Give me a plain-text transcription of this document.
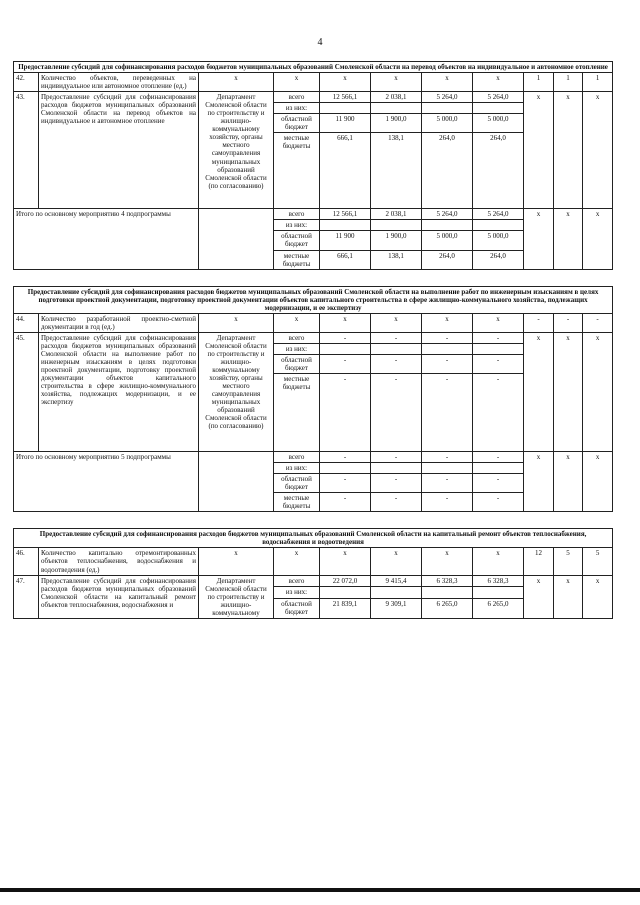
4
Предоставление субсидий для софинансирования расходов бюджетов муниципальных образований Смоленской области на перевод объектов на индивидуальное и автономное отопление										
42.	Количество объектов, переведенных на индивидуальное или автономное отопление (ед.)	х	х	х	х	х	х	1	1	1
43.	Предоставление субсидий для софинансирования расходов бюджетов муниципальных образований Смоленской области на перевод объектов на индивидуальное и автономное отопление	Департамент Смоленской области по строительству и жилищно-коммунальному хозяйству, органы местного самоуправления муниципальных образований Смоленской области (по согласованию)	всего	12 566,1	2 038,1	5 264,0	5 264,0	х	х	х
			из них:							
			областной бюджет	11 900	1 900,0	5 000,0	5 000,0			
			местные бюджеты	666,1	138,1	264,0	264,0			
Итого по основному мероприятию 4 подпрограммы			всего	12 566,1	2 038,1	5 264,0	5 264,0	х	х	х
			из них:							
			областной бюджет	11 900	1 900,0	5 000,0	5 000,0			
			местные бюджеты	666,1	138,1	264,0	264,0			

Предоставление субсидий для софинансирования расходов бюджетов муниципальных образований Смоленской области на выполнение работ по инженерным изысканиям в целях подготовки проектной документации, подготовку проектной документации объектов капитального строительства в сфере жилищно-коммунального хозяйства, подлежащих модернизации, и ее экспертизу										
44.	Количество разработанной проектно-сметной документации в год (ед.)	х	х	х	х	х	х	-	-	-
45.	Предоставление субсидий для софинансирования расходов бюджетов муниципальных образований Смоленской области на выполнение работ по инженерным изысканиям в целях подготовки проектной документации, подготовку проектной документации объектов капитального строительства в сфере жилищно-коммунального хозяйства, подлежащих модернизации, и ее экспертизу	Департамент Смоленской области по строительству и жилищно-коммунальному хозяйству, органы местного самоуправления муниципальных образований Смоленской области (по согласованию)	всего	-	-	-	-	х	х	х
			из них:							
			областной бюджет	-	-	-	-			
			местные бюджеты	-	-	-	-			
Итого по основному мероприятию 5 подпрограммы			всего	-	-	-	-	х	х	х
			из них:							
			областной бюджет	-	-	-	-			
			местные бюджеты	-	-	-	-			

Предоставление субсидий для софинансирования расходов бюджетов муниципальных образований Смоленской области на капитальный ремонт объектов теплоснабжения, водоснабжения и водоотведения										
46.	Количество капитально отремонтированных объектов теплоснабжения, водоснабжения и водоотведения (ед.)	х	х	х	х	х	х	12	5	5
47.	Предоставление субсидий для софинансирования расходов бюджетов муниципальных образований Смоленской области на капитальный ремонт объектов теплоснабжения, водоснабжения и	Департамент Смоленской области по строительству и жилищно-коммунальному	всего	22 072,0	9 415,4	6 328,3	6 328,3	х	х	х
			из них:							
			областной бюджет	21 839,1	9 309,1	6 265,0	6 265,0			
